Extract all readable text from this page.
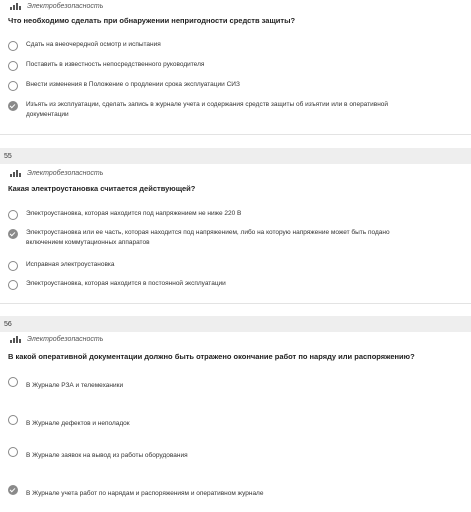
Электробезопасность
Что необходимо сделать при обнаружении непригодности средств защиты?
Сдать на внеочередной осмотр и испытания
Поставить в известность непосредственного руководителя
Внести изменения в Положение о продлении срока эксплуатации СИЗ
Изъять из эксплуатации, сделать запись в журнале учета и содержания средств защиты об изъятии или в оперативной документации
55
Электробезопасность
Какая электроустановка считается действующей?
Электроустановка, которая находится под напряжением не ниже 220 В
Электроустановка или ее часть, которая находится под напряжением, либо на которую напряжение может быть подано включением коммутационных аппаратов
Исправная электроустановка
Электроустановка, которая находится в постоянной эксплуатации
56
Электробезопасность
В какой оперативной документации должно быть отражено окончание работ по наряду или распоряжению?
В Журнале РЗА и телемеханики
В Журнале дефектов и неполадок
В Журнале заявок на вывод из работы оборудования
В Журнале учета работ по нарядам и распоряжениям и оперативном журнале
